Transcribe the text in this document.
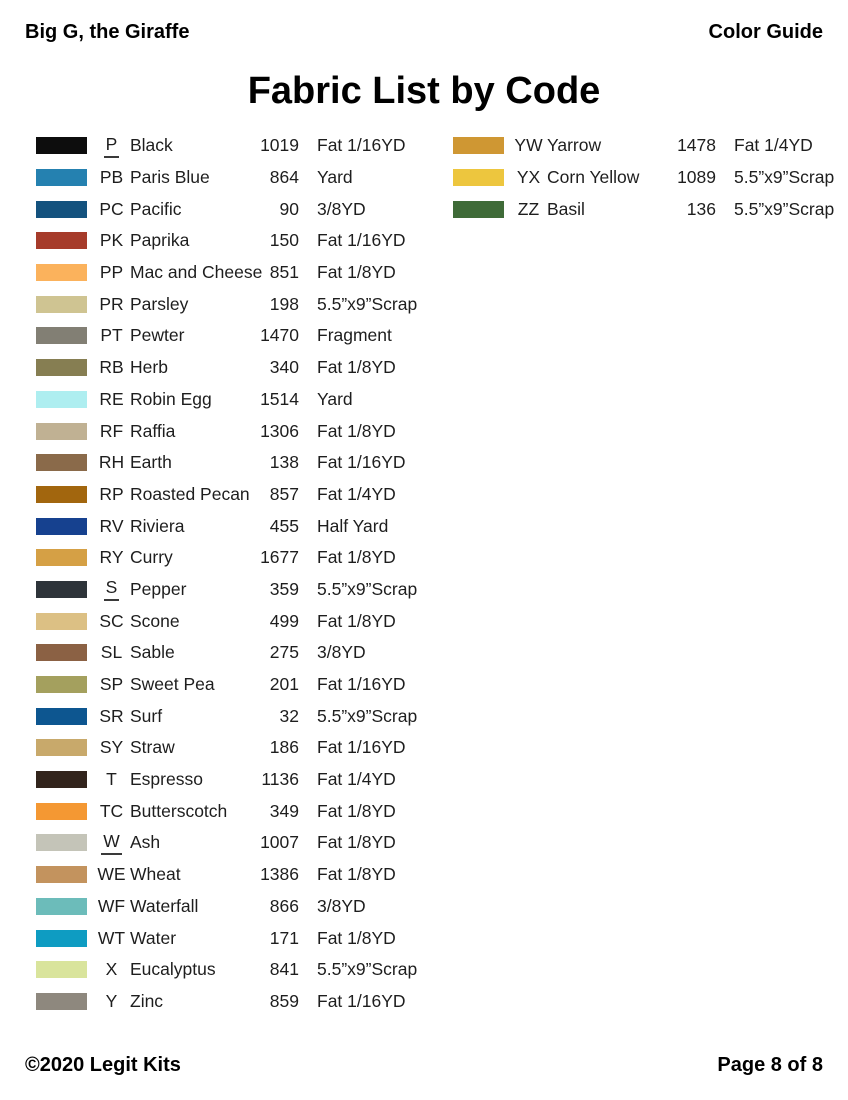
Big G, the Giraffe	Color Guide
Fabric List by Code
P Black	1019 Fat 1/16YD
PB Paris Blue	864 Yard
PC Pacific	90 3/8YD
PK Paprika	150 Fat 1/16YD
PP Mac and Cheese 851 Fat 1/8YD
PR Parsley	198 5.5”x9”Scrap
PT Pewter	1470 Fragment
RB Herb	340 Fat 1/8YD
RE Robin Egg	1514 Yard
RF Raffia	1306 Fat 1/8YD
RH Earth	138 Fat 1/16YD
RP Roasted Pecan	857 Fat 1/4YD
RV Riviera	455 Half Yard
RY Curry	1677 Fat 1/8YD
S Pepper	359 5.5”x9”Scrap
SC Scone	499 Fat 1/8YD
SL Sable	275 3/8YD
SP Sweet Pea	201 Fat 1/16YD
SR Surf	32 5.5”x9”Scrap
SY Straw	186 Fat 1/16YD
T Espresso	1136 Fat 1/4YD
TC Butterscotch	349 Fat 1/8YD
W Ash	1007 Fat 1/8YD
WE Wheat	1386 Fat 1/8YD
WF Waterfall	866 3/8YD
WT Water	171 Fat 1/8YD
X Eucalyptus	841 5.5”x9”Scrap
Y Zinc	859 Fat 1/16YD
YW Yarrow	1478 Fat 1/4YD
YX Corn Yellow	1089 5.5”x9”Scrap
ZZ Basil	136 5.5”x9”Scrap
©2020 Legit Kits	Page 8 of 8
